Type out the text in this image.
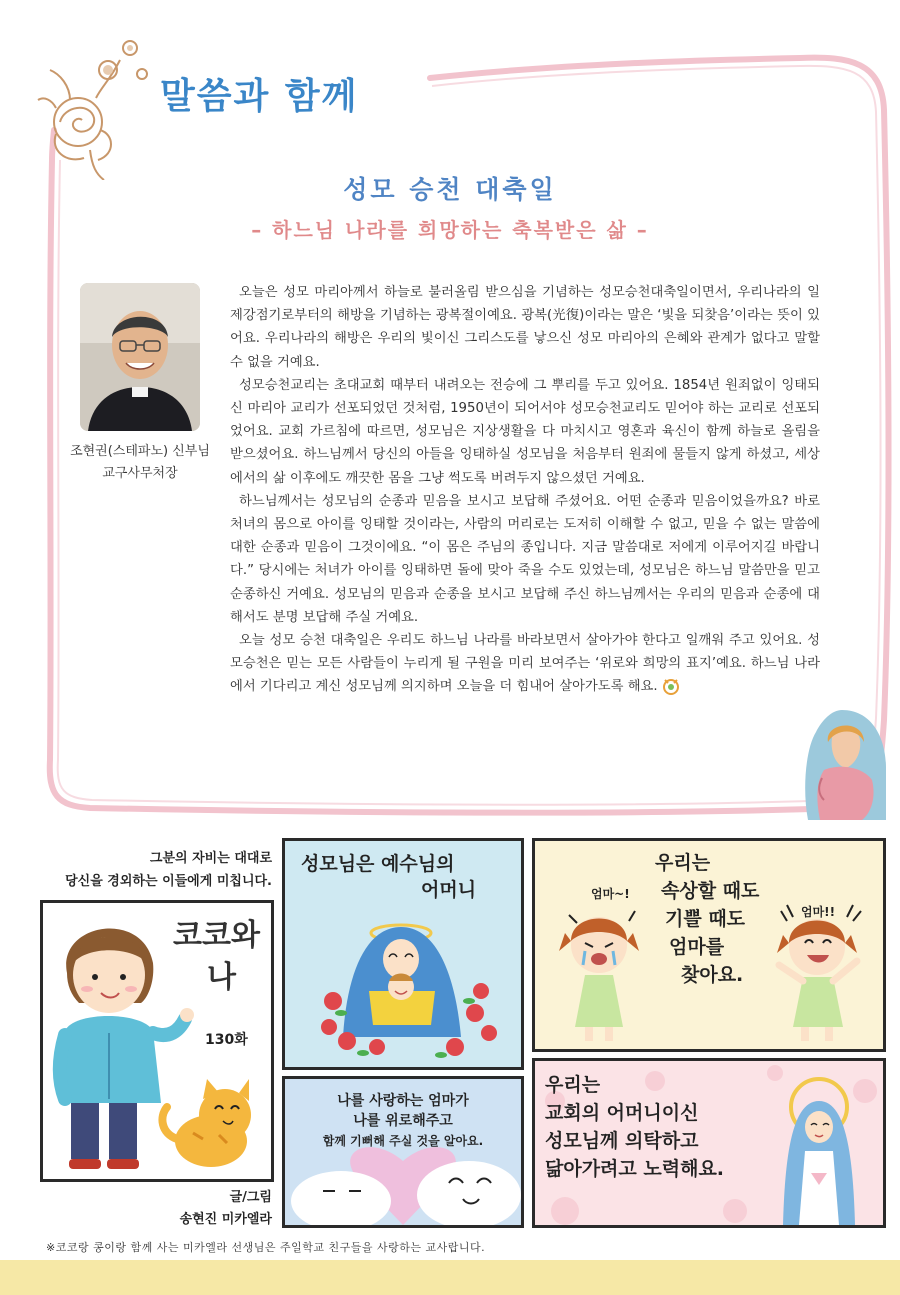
말씀과 함께
성모 승천 대축일
– 하느님 나라를 희망하는 축복받은 삶 –
조현권(스테파노) 신부님
교구사무처장

오늘은 성모 마리아께서 하늘로 불러올림 받으심을 기념하는 성모승천대축일이면서, 우리나라의 일제강점기로부터의 해방을 기념하는 광복절이예요. 광복(光復)이라는 말은 ‘빛을 되찾음’이라는 뜻이 있어요. 우리나라의 해방은 우리의 빛이신 그리스도를 낳으신 성모 마리아의 은혜와 관계가 없다고 말할 수 없을 거예요.

성모승천교리는 초대교회 때부터 내려오는 전승에 그 뿌리를 두고 있어요. 1854년 원죄없이 잉태되신 마리아 교리가 선포되었던 것처럼, 1950년이 되어서야 성모승천교리도 믿어야 하는 교리로 선포되었어요. 교회 가르침에 따르면, 성모님은 지상생활을 다 마치시고 영혼과 육신이 함께 하늘로 올림을 받으셨어요. 하느님께서 당신의 아들을 잉태하실 성모님을 처음부터 원죄에 물들지 않게 하셨고, 세상에서의 삶 이후에도 깨끗한 몸을 그냥 썩도록 버려두지 않으셨던 거예요.

하느님께서는 성모님의 순종과 믿음을 보시고 보답해 주셨어요. 어떤 순종과 믿음이었을까요? 바로 처녀의 몸으로 아이를 잉태할 것이라는, 사람의 머리로는 도저히 이해할 수 없고, 믿을 수 없는 말씀에 대한 순종과 믿음이 그것이에요. “이 몸은 주님의 종입니다. 지금 말씀대로 저에게 이루어지길 바랍니다.” 당시에는 처녀가 아이를 잉태하면 돌에 맞아 죽을 수도 있었는데, 성모님은 하느님 말씀만을 믿고 순종하신 거예요. 성모님의 믿음과 순종을 보시고 보답해 주신 하느님께서는 우리의 믿음과 순종에 대해서도 분명 보답해 주실 거예요.

오늘 성모 승천 대축일은 우리도 하느님 나라를 바라보면서 살아가야 한다고 일깨워 주고 있어요. 성모승천은 믿는 모든 사람들이 누리게 될 구원을 미리 보여주는 ‘위로와 희망의 표지’예요. 하느님 나라에서 기다리고 계신 성모님께 의지하며 오늘을 더 힘내어 살아가도록 해요.

그분의 자비는 대대로
당신을 경외하는 이들에게 미칩니다.
코코와
나
130화
글/그림
송현진 미카엘라
성모님은 예수님의
어머니	엄마~!
엄마!!
우리는
속상할 때도
기쁠 때도
엄마를
찾아요.
나를 사랑하는 엄마가
나를 위로해주고
함께 기뻐해 주실 것을 알아요.
우리는
교회의 어머니이신
성모님께 의탁하고
닮아가려고 노력해요.
※코코랑 콩이랑 함께 사는 미카엘라 선생님은 주일학교 친구들을 사랑하는 교사랍니다.
